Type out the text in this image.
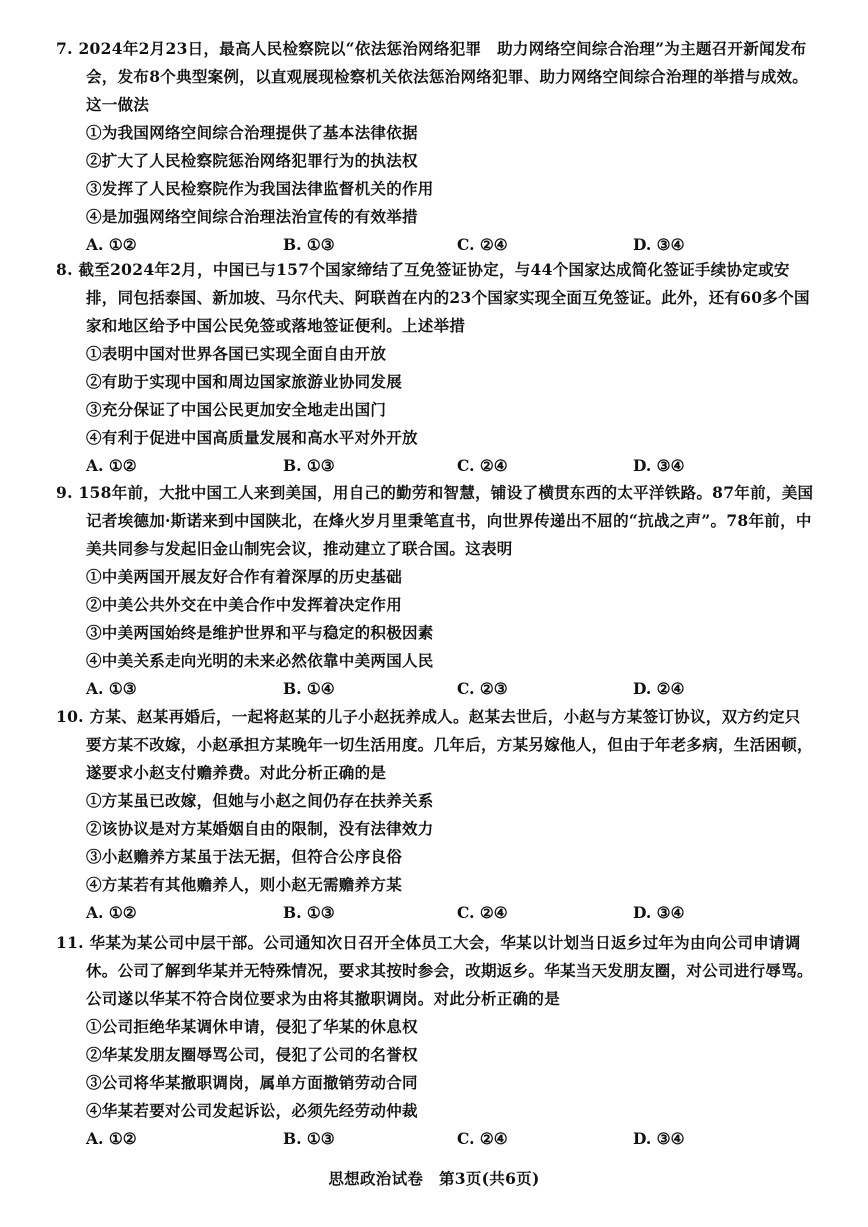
7. 2024年2月23日，最高人民检察院以“依法惩治网络犯罪　助力网络空间综合治理”为主题召开新闻发布会，发布8个典型案例，以直观展现检察机关依法惩治网络犯罪、助力网络空间综合治理的举措与成效。这一做法

①为我国网络空间综合治理提供了基本法律依据
②扩大了人民检察院惩治网络犯罪行为的执法权
③发挥了人民检察院作为我国法律监督机关的作用
④是加强网络空间综合治理法治宣传的有效举措
A. ①②	B. ①③	C. ②④	D. ③④

8. 截至2024年2月，中国已与157个国家缔结了互免签证协定，与44个国家达成简化签证手续协定或安排，同包括泰国、新加坡、马尔代夫、阿联酋在内的23个国家实现全面互免签证。此外，还有60多个国家和地区给予中国公民免签或落地签证便利。上述举措

①表明中国对世界各国已实现全面自由开放
②有助于实现中国和周边国家旅游业协同发展
③充分保证了中国公民更加安全地走出国门
④有利于促进中国高质量发展和高水平对外开放
A. ①②	B. ①③	C. ②④	D. ③④

9. 158年前，大批中国工人来到美国，用自己的勤劳和智慧，铺设了横贯东西的太平洋铁路。87年前，美国记者埃德加·斯诺来到中国陕北，在烽火岁月里秉笔直书，向世界传递出不屈的“抗战之声”。78年前，中美共同参与发起旧金山制宪会议，推动建立了联合国。这表明

①中美两国开展友好合作有着深厚的历史基础
②中美公共外交在中美合作中发挥着决定作用
③中美两国始终是维护世界和平与稳定的积极因素
④中美关系走向光明的未来必然依靠中美两国人民
A. ①③	B. ①④	C. ②③	D. ②④

10. 方某、赵某再婚后，一起将赵某的儿子小赵抚养成人。赵某去世后，小赵与方某签订协议，双方约定只要方某不改嫁，小赵承担方某晚年一切生活用度。几年后，方某另嫁他人，但由于年老多病，生活困顿，遂要求小赵支付赡养费。对此分析正确的是

①方某虽已改嫁，但她与小赵之间仍存在扶养关系
②该协议是对方某婚姻自由的限制，没有法律效力
③小赵赡养方某虽于法无据，但符合公序良俗
④方某若有其他赡养人，则小赵无需赡养方某
A. ①②	B. ①③	C. ②④	D. ③④

11. 华某为某公司中层干部。公司通知次日召开全体员工大会，华某以计划当日返乡过年为由向公司申请调休。公司了解到华某并无特殊情况，要求其按时参会，改期返乡。华某当天发朋友圈，对公司进行辱骂。公司遂以华某不符合岗位要求为由将其撤职调岗。对此分析正确的是

①公司拒绝华某调休申请，侵犯了华某的休息权
②华某发朋友圈辱骂公司，侵犯了公司的名誉权
③公司将华某撤职调岗，属单方面撤销劳动合同
④华某若要对公司发起诉讼，必须先经劳动仲裁
A. ①②	B. ①③	C. ②④	D. ③④
思想政治试卷　第3页(共6页)
